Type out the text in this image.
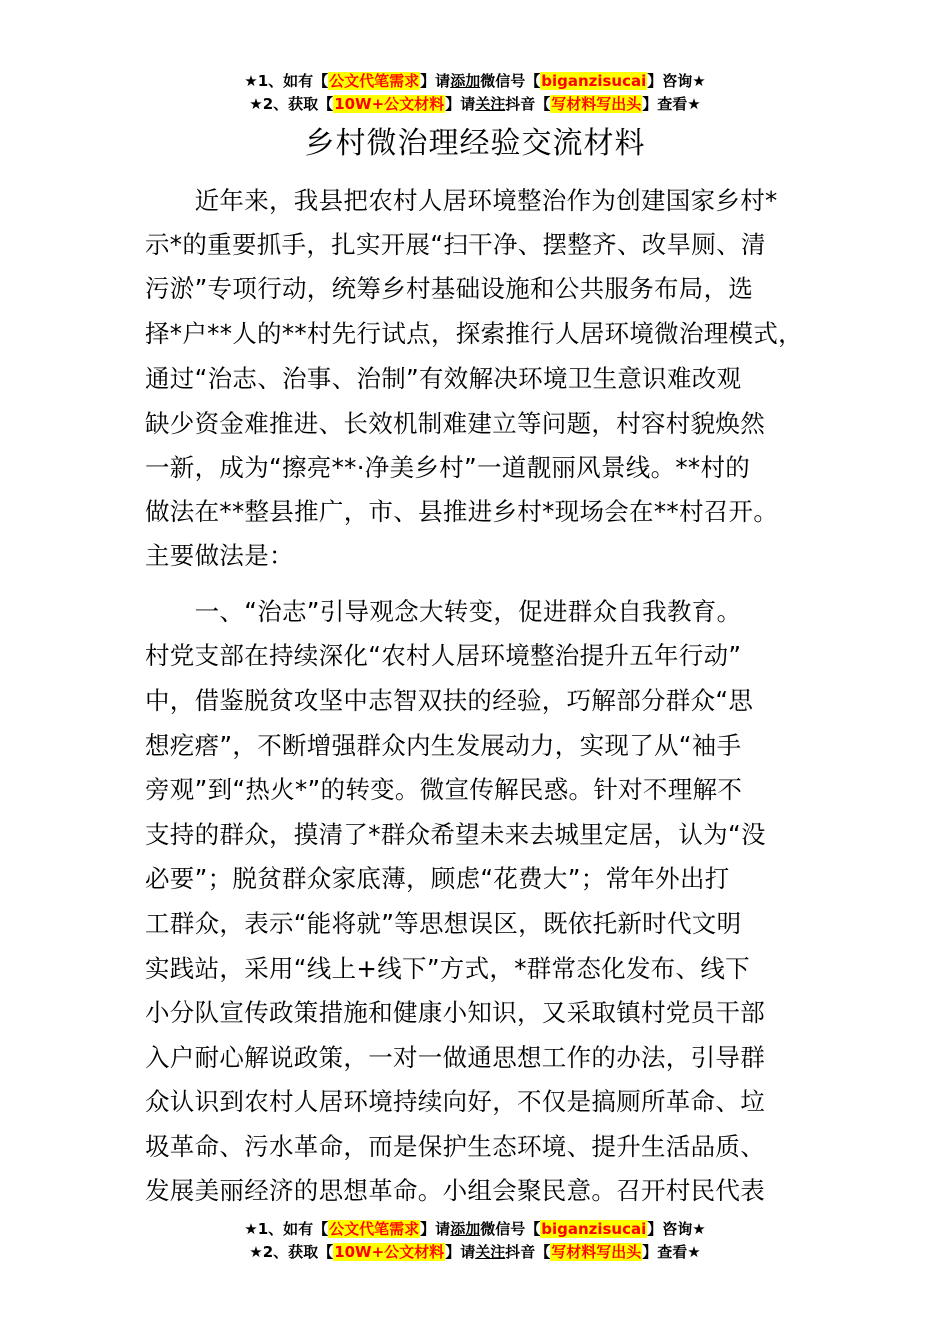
★1、如有【公文代笔需求】请添加微信号【biganzisucai】咨询★
★2、获取【10W+公文材料】请关注抖音【写材料写出头】查看★
乡村微治理经验交流材料
　　近年来，我县把农村人居环境整治作为创建国家乡村*
示*的重要抓手，扎实开展“扫干净、摆整齐、改旱厕、清
污淤”专项行动，统筹乡村基础设施和公共服务布局，选
择*户**人的**村先行试点，探索推行人居环境微治理模式，
通过“治志、治事、治制”有效解决环境卫生意识难改观
缺少资金难推进、长效机制难建立等问题，村容村貌焕然
一新，成为“擦亮**·净美乡村”一道靓丽风景线。**村的
做法在**整县推广，市、县推进乡村*现场会在**村召开。
主要做法是：
　　一、“治志”引导观念大转变，促进群众自我教育。
村党支部在持续深化“农村人居环境整治提升五年行动”
中，借鉴脱贫攻坚中志智双扶的经验，巧解部分群众“思
想疙瘩”，不断增强群众内生发展动力，实现了从“袖手
旁观”到“热火*”的转变。微宣传解民惑。针对不理解不
支持的群众，摸清了*群众希望未来去城里定居，认为“没
必要”；脱贫群众家底薄，顾虑“花费大”；常年外出打
工群众，表示“能将就”等思想误区，既依托新时代文明
实践站，采用“线上+线下”方式，*群常态化发布、线下
小分队宣传政策措施和健康小知识，又采取镇村党员干部
入户耐心解说政策，一对一做通思想工作的办法，引导群
众认识到农村人居环境持续向好，不仅是搞厕所革命、垃
圾革命、污水革命，而是保护生态环境、提升生活品质、
发展美丽经济的思想革命。小组会聚民意。召开村民代表
★1、如有【公文代笔需求】请添加微信号【biganzisucai】咨询★
★2、获取【10W+公文材料】请关注抖音【写材料写出头】查看★
